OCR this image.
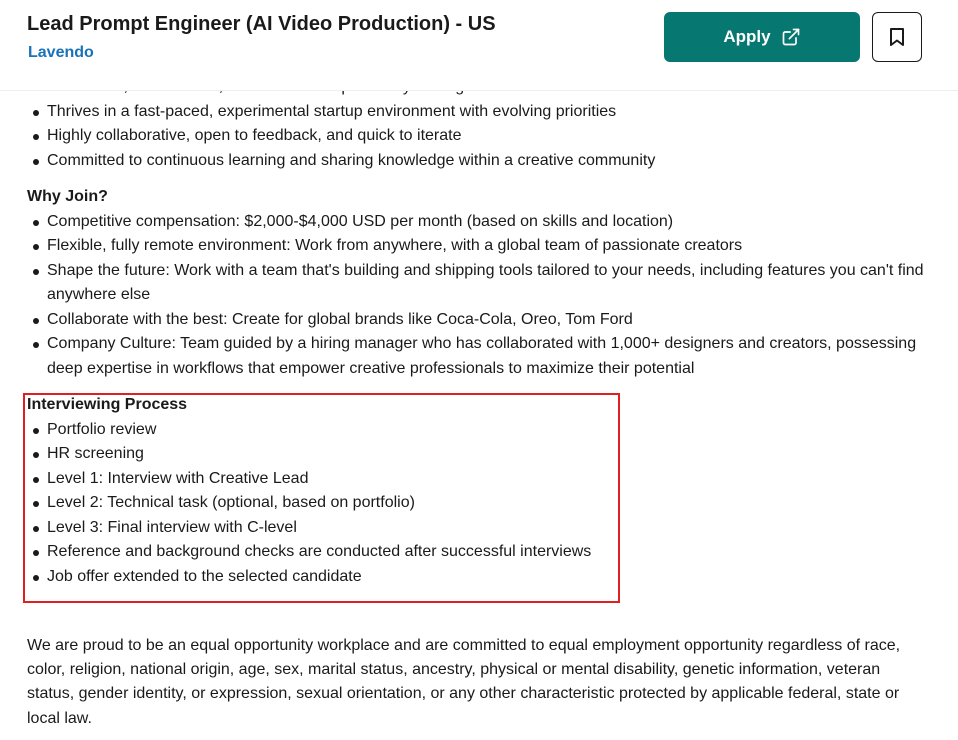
Thrives in a fast-paced, experimental startup environment with evolving priorities
Highly collaborative, open to feedback, and quick to iterate
Committed to continuous learning and sharing knowledge within a creative community
Why Join?
Competitive compensation: $2,000-$4,000 USD per month (based on skills and location)
Flexible, fully remote environment: Work from anywhere, with a global team of passionate creators
Shape the future: Work with a team that's building and shipping tools tailored to your needs, including features you can't find anywhere else
Collaborate with the best: Create for global brands like Coca-Cola, Oreo, Tom Ford
Company Culture: Team guided by a hiring manager who has collaborated with 1,000+ designers and creators, possessing deep expertise in workflows that empower creative professionals to maximize their potential
Interviewing Process
Portfolio review
HR screening
Level 1: Interview with Creative Lead
Level 2: Technical task (optional, based on portfolio)
Level 3: Final interview with C-level
Reference and background checks are conducted after successful interviews
Job offer extended to the selected candidate

We are proud to be an equal opportunity workplace and are committed to equal employment opportunity regardless of race, color, religion, national origin, age, sex, marital status, ancestry, physical or mental disability, genetic information, veteran status, gender identity, or expression, sexual orientation, or any other characteristic protected by applicable federal, state or local law.

Lead Prompt Engineer (AI Video Production) - US
Lavendo
Apply
